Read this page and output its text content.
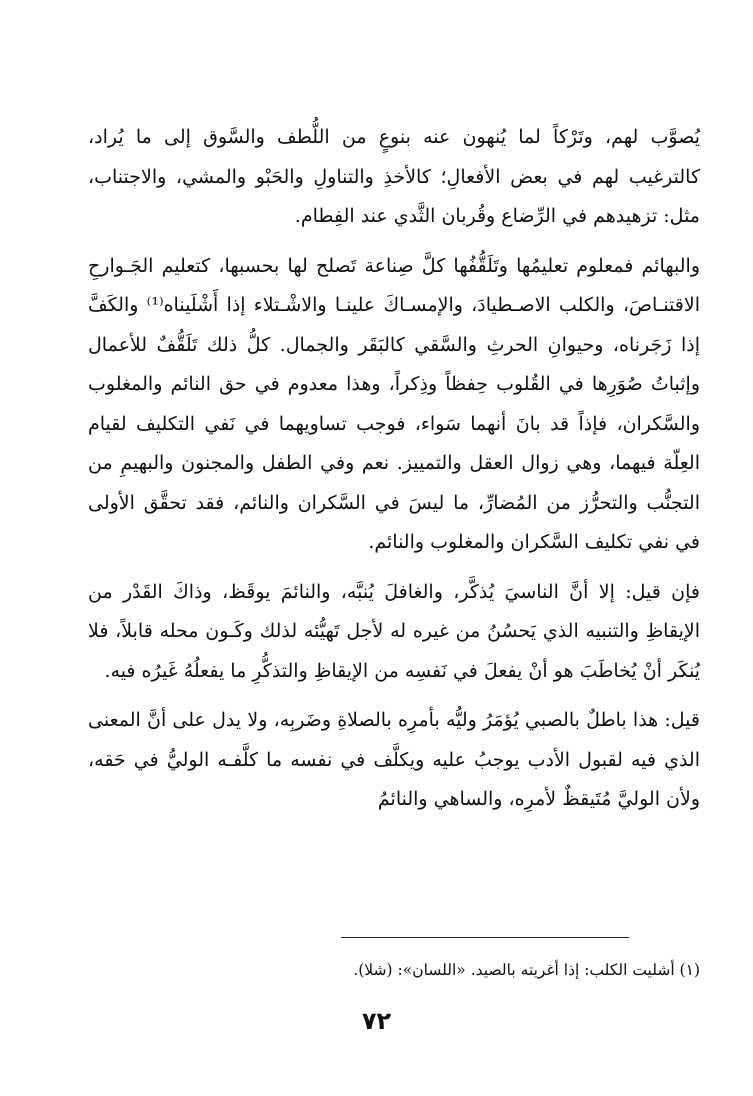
يُصوَّب لهم، وتَرْكاً لما يُنهون عنه بنوعٍ من اللُّطف والسَّوق إلى ما يُراد، كالترغيب لهم في بعض الأفعالِ؛ كالأخذِ والتناولِ والحَبْو والمشي، والاجتناب، مثل: تزهيدهم في الرِّضاع وقُربان الثَّدي عند الفِطام.

والبهائم فمعلوم تعليمُها وتَلَقُّفُها كلَّ صِناعة تَصلح لها بحسبها، كتعليم الجَـوارحِ الاقتنـاصَ، والكلب الاصـطيادَ، والإمسـاكَ علينـا والاشْـتلاء إذا أَشْلَيناه⁽¹⁾ والكَفَّ إذا زَجَرناه، وحيوانِ الحرثِ والسَّقي كالبَقَر والجمال. كلُّ ذلك تَلَقُّفٌ للأعمال وإثباتُ صُوَرِها في القُلوب حِفظاً وذِكراً، وهذا معدوم في حق النائم والمغلوب والسَّكران، فإذاً قد بانَ أنهما سَواء، فوجب تساويهما في نَفي التكليف لقيام العِلّة فيهما، وهي زوال العقل والتمييز. نعم وفي الطفل والمجنون والبهيمِ من التجنُّب والتحرُّز من المُضارِّ، ما ليسَ في السَّكران والنائم، فقد تحقَّق الأولى في نفي تكليف السَّكران والمغلوب والنائم.

فإن قيل: إلا أنَّ الناسيَ يُذكَّر، والغافلَ يُنبَّه، والنائمَ يوقَظ، وذاكَ القَدْر من الإيقاظِ والتنبيه الذي يَحسُنُ من غيره له لأجل تَهيُّئه لذلك وكَـون محله قابلاً، فلا يُنكَر أنْ يُخاطَبَ هو أنْ يفعلَ في نَفسِه من الإيقاظِ والتذكُّرِ ما يفعلُهُ غَيرُه فيه.

قيل: هذا باطلٌ بالصبي يُؤمَرُ وليُّه بأمرِه بالصلاةِ وضَربِه، ولا يدل على أنَّ المعنى الذي فيه لقبول الأدب يوجبُ عليه ويكلَّف في نفسه ما كلَّفـه الوليُّ في حَقه، ولأن الوليَّ مُتَيقظٌ لأمرِه، والساهي والنائمُ

(١) أشليت الكلب: إذا أغريته بالصيد. «اللسان»: (شلا).
٧٢
